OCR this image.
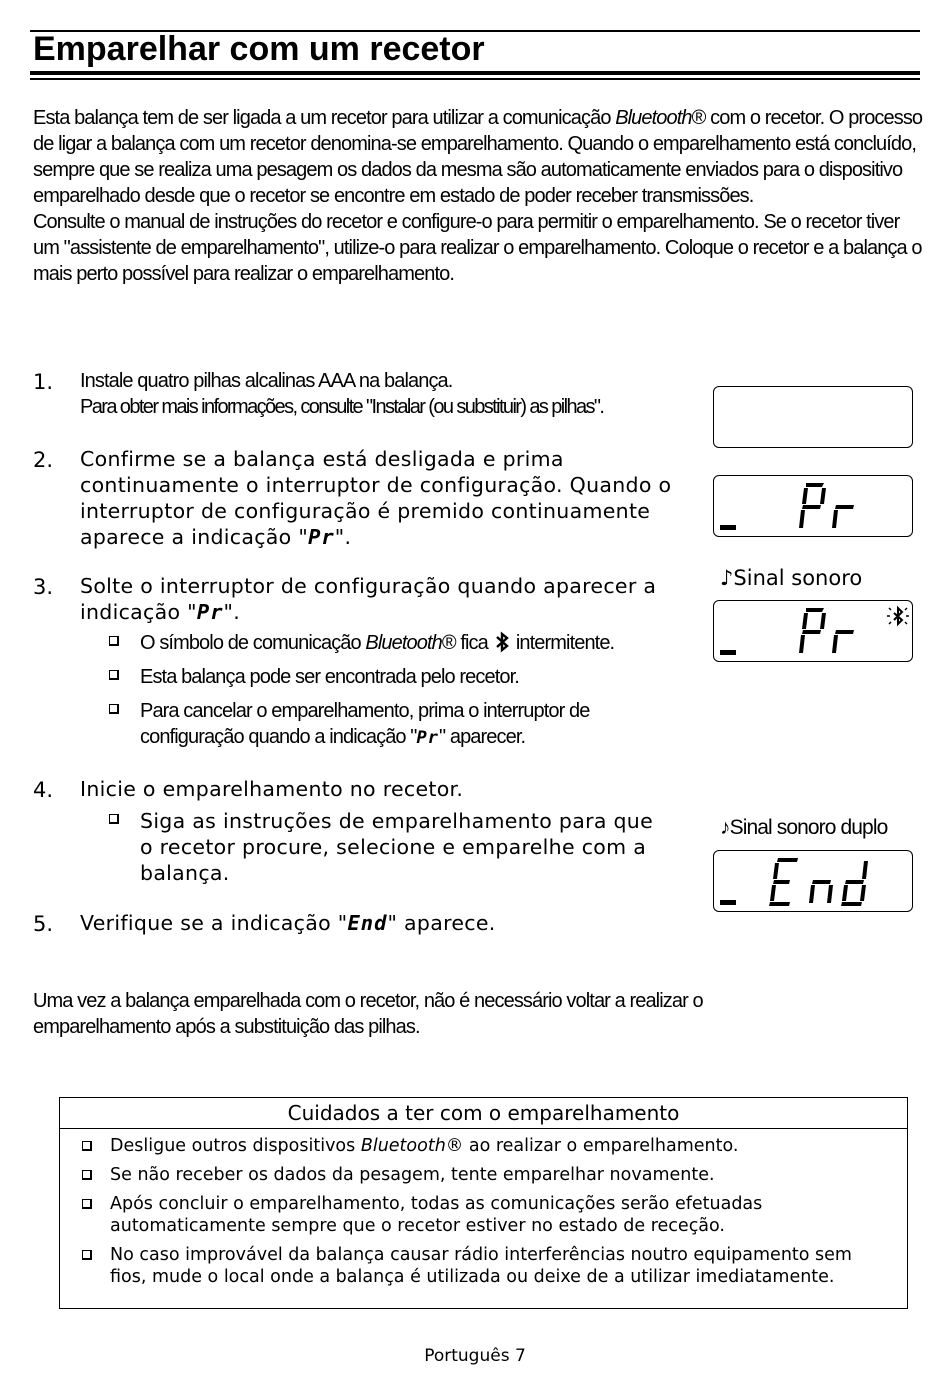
Emparelhar com um recetor

Esta balança tem de ser ligada a um recetor para utilizar a comunicação Bluetooth® com o recetor. O processo de ligar a balança com um recetor denomina-se emparelhamento. Quando o emparelhamento está concluído, sempre que se realiza uma pesagem os dados da mesma são automaticamente enviados para o dispositivo emparelhado desde que o recetor se encontre em estado de poder receber transmissões.

Consulte o manual de instruções do recetor e configure-o para permitir o emparelhamento. Se o recetor tiver um "assistente de emparelhamento", utilize-o para realizar o emparelhamento. Coloque o recetor e a balança o mais perto possível para realizar o emparelhamento.

1. Instale quatro pilhas alcalinas AAA na balança.
Para obter mais informações, consulte "Instalar (ou substituir) as pilhas".
2. Confirme se a balança está desligada e prima continuamente o interruptor de configuração. Quando o interruptor de configuração é premido continuamente aparece a indicação "Pr".
3. Solte o interruptor de configuração quando aparecer a indicação "Pr".
O símbolo de comunicação Bluetooth® fica intermitente.
Esta balança pode ser encontrada pelo recetor.
Para cancelar o emparelhamento, prima o interruptor de configuração quando a indicação "Pr" aparecer.
4. Inicie o emparelhamento no recetor.
Siga as instruções de emparelhamento para que o recetor procure, selecione e emparelhe com a balança.
5. Verifique se a indicação "End" aparece.
♪Sinal sonoro
♪Sinal sonoro duplo
Uma vez a balança emparelhada com o recetor, não é necessário voltar a realizar o emparelhamento após a substituição das pilhas.
Cuidados a ter com o emparelhamento
Desligue outros dispositivos Bluetooth® ao realizar o emparelhamento.
Se não receber os dados da pesagem, tente emparelhar novamente.
Após concluir o emparelhamento, todas as comunicações serão efetuadas automaticamente sempre que o recetor estiver no estado de receção.
No caso improvável da balança causar rádio interferências noutro equipamento sem fios, mude o local onde a balança é utilizada ou deixe de a utilizar imediatamente.
Português 7
